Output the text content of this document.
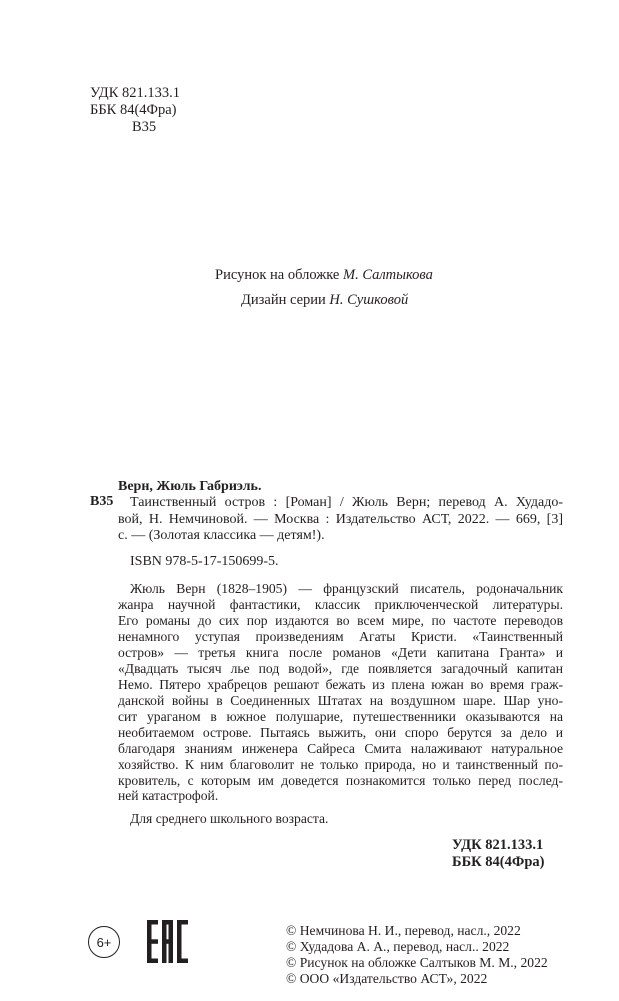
УДК 821.133.1
ББК 84(4Фра)
В35
Рисунок на обложке М. Салтыкова
Дизайн серии Н. Сушковой
Верн, Жюль Габриэль.
В35 Таинственный остров : [Роман] / Жюль Верн; перевод А. Худадо-
вой, Н. Немчиновой. — Москва : Издательство АСТ, 2022. — 669, [3]
с. — (Золотая классика — детям!).
ISBN 978-5-17-150699-5.
Жюль Верн (1828–1905) — французский писатель, родоначальник
жанра научной фантастики, классик приключенческой литературы.
Его романы до сих пор издаются во всем мире, по частоте переводов
ненамного уступая произведениям Агаты Кристи. «Таинственный
остров» — третья книга после романов «Дети капитана Гранта» и
«Двадцать тысяч лье под водой», где появляется загадочный капитан
Немо. Пятеро храбрецов решают бежать из плена южан во время граж-
данской войны в Соединенных Штатах на воздушном шаре. Шар уно-
сит ураганом в южное полушарие, путешественники оказываются на
необитаемом острове. Пытаясь выжить, они споро берутся за дело и
благодаря знаниям инженера Сайреса Смита налаживают натуральное
хозяйство. К ним благоволит не только природа, но и таинственный по-
кровитель, с которым им доведется познакомится только перед послед-
ней катастрофой.
Для среднего школьного возраста.
УДК 821.133.1
ББК 84(4Фра)
6+
© Немчинова Н. И., перевод, насл., 2022
© Худадова А. А., перевод, насл.. 2022
© Рисунок на обложке Салтыков М. М., 2022
© ООО «Издательство АСТ», 2022
